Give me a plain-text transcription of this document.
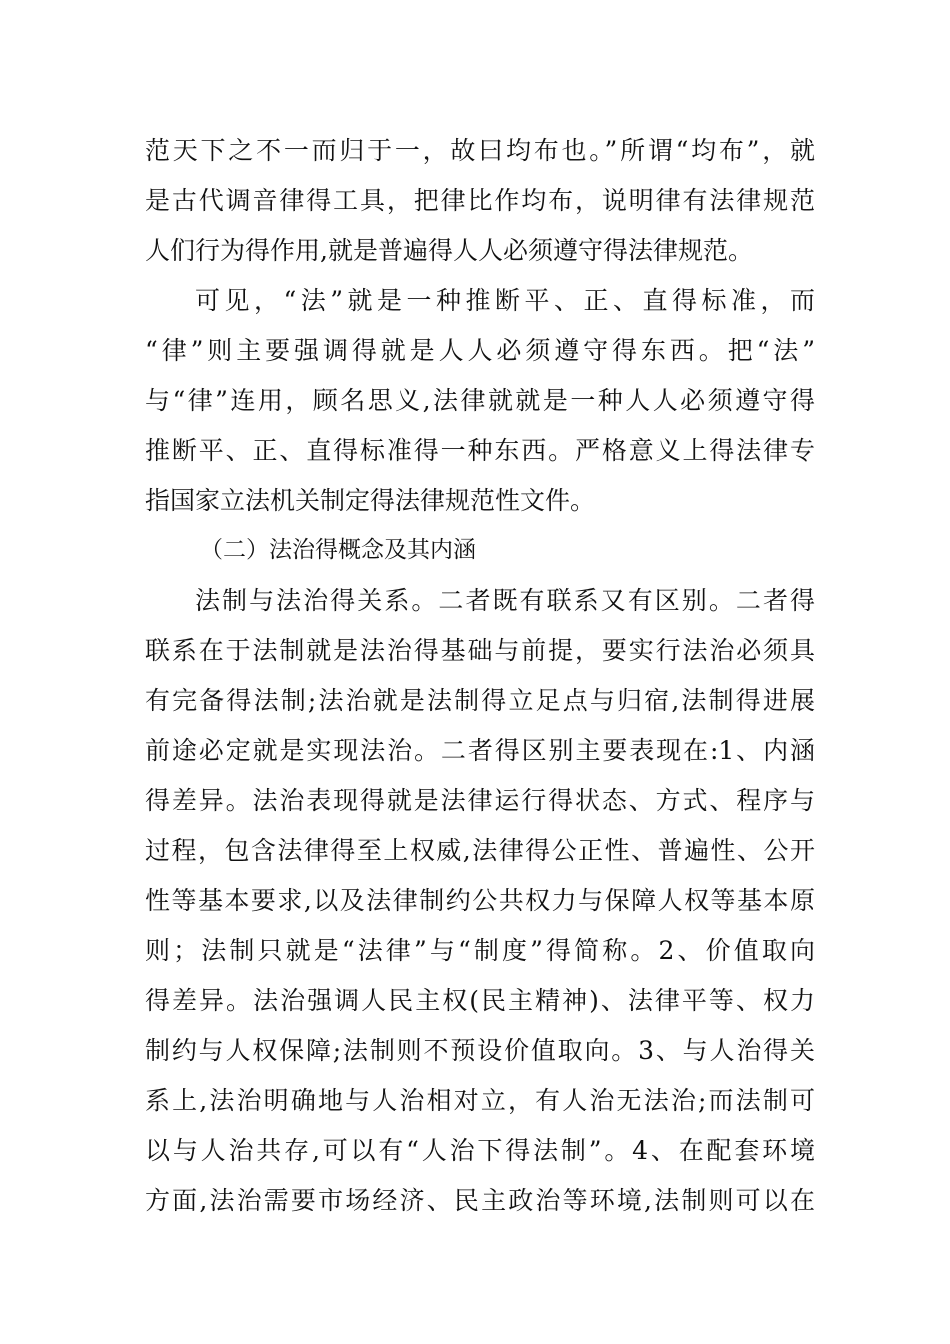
范天下之不一而归于一，故曰均布也。”所谓“均布”，就
是古代调音律得工具，把律比作均布，说明律有法律规范
人们行为得作用,就是普遍得人人必须遵守得法律规范。
可见，“法”就是一种推断平、正、直得标准，而
“律”则主要强调得就是人人必须遵守得东西。把“法”
与“律”连用，顾名思义,法律就就是一种人人必须遵守得
推断平、正、直得标准得一种东西。严格意义上得法律专
指国家立法机关制定得法律规范性文件。
（二）法治得概念及其内涵
法制与法治得关系。二者既有联系又有区别。二者得
联系在于法制就是法治得基础与前提，要实行法治必须具
有完备得法制;法治就是法制得立足点与归宿,法制得进展
前途必定就是实现法治。二者得区别主要表现在:1、内涵
得差异。法治表现得就是法律运行得状态、方式、程序与
过程，包含法律得至上权威,法律得公正性、普遍性、公开
性等基本要求,以及法律制约公共权力与保障人权等基本原
则；法制只就是“法律”与“制度”得简称。2、价值取向
得差异。法治强调人民主权(民主精神)、法律平等、权力
制约与人权保障;法制则不预设价值取向。3、与人治得关
系上,法治明确地与人治相对立，有人治无法治;而法制可
以与人治共存,可以有“人治下得法制”。4、在配套环境
方面,法治需要市场经济、民主政治等环境,法制则可以在
